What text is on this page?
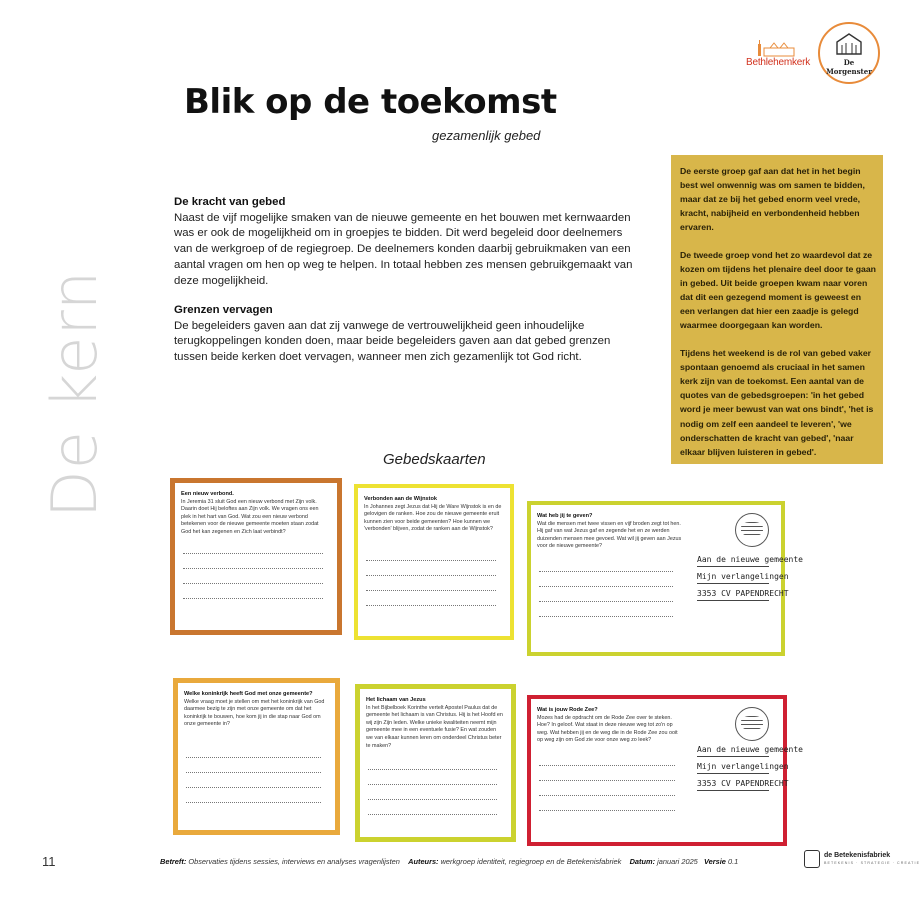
Bethlehemkerk	De Morgenster
De kern
Blik op de toekomst
gezamenlijk gebed
De kracht van gebed
Naast de vijf mogelijke smaken van de nieuwe gemeente en het bouwen met kernwaarden was er ook de mogelijkheid om in groepjes te bidden. Dit werd begeleid door deelnemers van de werkgroep of de regiegroep. De deelnemers konden daarbij gebruikmaken van een aantal vragen om hen op weg te helpen. In totaal hebben zes mensen gebruikgemaakt van deze mogelijkheid.
Grenzen vervagen
De begeleiders gaven aan dat zij vanwege de vertrouwelijkheid geen inhoudelijke terugkoppelingen konden doen, maar beide begeleiders gaven aan dat gebed grenzen tussen beide kerken doet vervagen, wanneer men zich gezamenlijk tot God richt.

De eerste groep gaf aan dat het in het begin best wel onwennig was om samen te bidden, maar dat ze bij het gebed enorm veel vrede, kracht, nabijheid en verbondenheid hebben ervaren.

De tweede groep vond het zo waardevol dat ze kozen om tijdens het plenaire deel door te gaan in gebed. Uit beide groepen kwam naar voren dat dit een gezegend moment is geweest en een verlangen dat hier een zaadje is gelegd waarmee doorgegaan kan worden.

Tijdens het weekend is de rol van gebed vaker spontaan genoemd als cruciaal in het samen kerk zijn van de toekomst. Een aantal van de quotes van de gebedsgroepen: 'in het gebed word je meer bewust van wat ons bindt', 'het is nodig om zelf een aandeel te leveren', 'we onderschatten de kracht van gebed', 'naar elkaar blijven luisteren in gebed'.

Gebedskaarten
Een nieuw verbond.
In Jeremia 31 sluit God een nieuw verbond met Zijn volk. Daarin doet Hij beloftes aan Zijn volk. We vragen ons een plek in het hart van God. Wat zou een nieuw verbond betekenen voor de nieuwe gemeente moeten staan zodat God het kan zegenen en Zich laat verbindt?
Verbonden aan de Wijnstok
In Johannes zegt Jezus dat Hij de Ware Wijnstok is en de gelovigen de ranken. Hoe zou de nieuwe gemeente eruit kunnen zien voor beide gemeenten? Hoe kunnen we 'verbonden' blijven, zodat de ranken aan de Wijnstok?
Wat heb jij te geven?
Wat die mensen met twee vissen en vijf broden zegt tot hen. Hij gaf van wat Jezus gaf en zegende het en ze werden duizenden mensen mee gevoed. Wat wil jij geven aan Jezus voor de nieuwe gemeente?
Aan de nieuwe gemeente
Mijn verlangelingen
3353 CV PAPENDRECHT
Welke koninkrijk heeft God met onze gemeente?
Welke vraag moet je stellen om met het koninkrijk van God daarmee bezig te zijn met onze gemeente om dat het koninkrijk te bouwen, hoe kom jij in die stap naar God om onze gemeente in?
Het lichaam van Jezus
In het Bijbelboek Korinthe vertelt Apostel Paulus dat de gemeente het lichaam is van Christus. Hij is het Hoofd en wij zijn Zijn leden. Welke unieke kwaliteiten neemt mijn gemeente mee in een eventuele fusie? En wat zouden we van elkaar kunnen leren om onderdeel Christus beter te maken?
Wat is jouw Rode Zee?
Mozes had de opdracht om de Rode Zee over te steken. Hoe? In geloof. Wat staat in deze nieuwe weg tot zo'n op weg. Wat hebben jij en de weg die in de Rode Zee zou ooit op weg zijn om God zie voor onze weg zo leek?
Aan de nieuwe gemeente
Mijn verlangelingen
3353 CV PAPENDRECHT
11	Betreft: Observaties tijdens sessies, interviews en analyses vragenlijsten Auteurs: werkgroep identiteit, regiegroep en de Betekenisfabriek Datum: januari 2025 Versie 0.1
de Betekenisfabriek
BETEKENIS · STRATEGIE · CREATIE
